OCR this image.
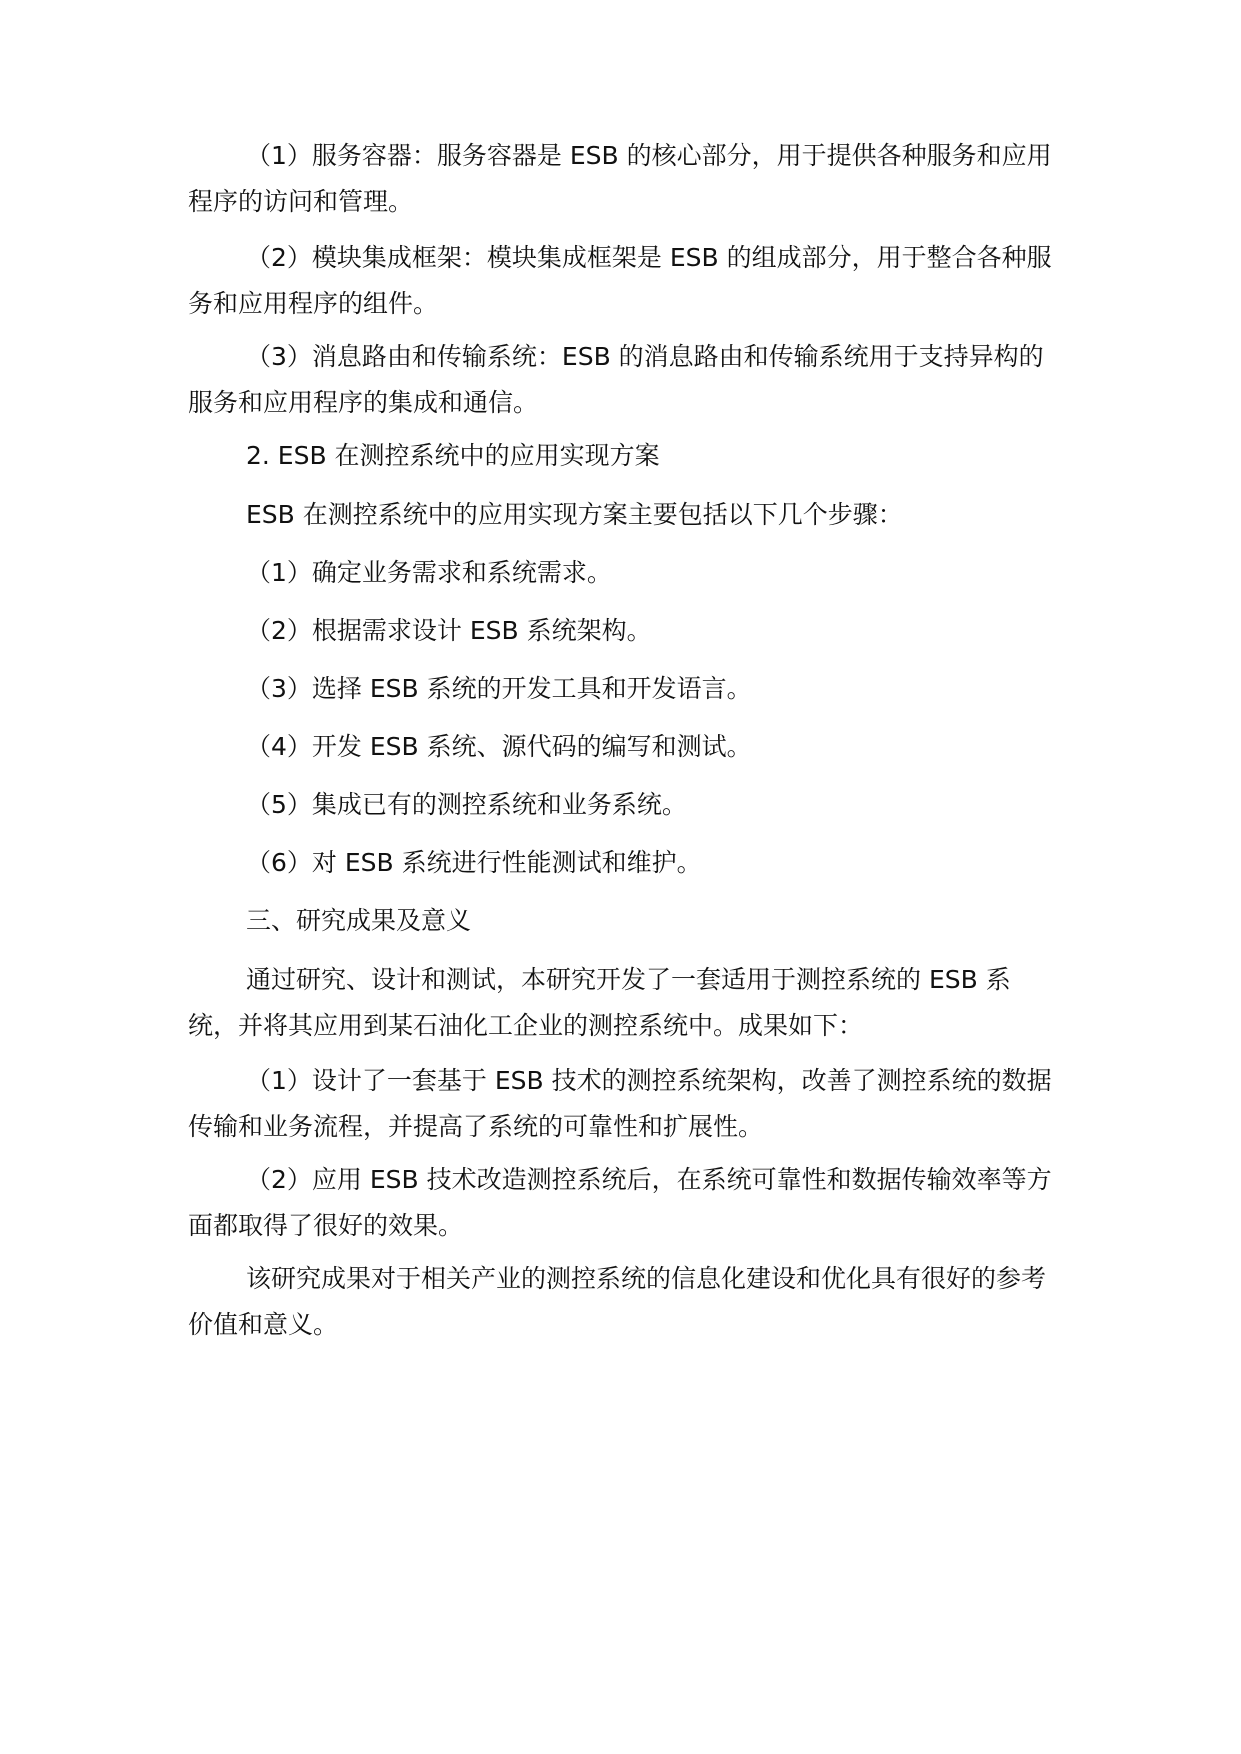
（1）服务容器：服务容器是 ESB 的核心部分，用于提供各种服务和应用程序的访问和管理。

（2）模块集成框架：模块集成框架是 ESB 的组成部分，用于整合各种服务和应用程序的组件。

（3）消息路由和传输系统：ESB 的消息路由和传输系统用于支持异构的服务和应用程序的集成和通信。

2. ESB 在测控系统中的应用实现方案

ESB 在测控系统中的应用实现方案主要包括以下几个步骤：

（1）确定业务需求和系统需求。

（2）根据需求设计 ESB 系统架构。

（3）选择 ESB 系统的开发工具和开发语言。

（4）开发 ESB 系统、源代码的编写和测试。

（5）集成已有的测控系统和业务系统。

（6）对 ESB 系统进行性能测试和维护。

三、研究成果及意义

通过研究、设计和测试，本研究开发了一套适用于测控系统的 ESB 系统，并将其应用到某石油化工企业的测控系统中。成果如下：

（1）设计了一套基于 ESB 技术的测控系统架构，改善了测控系统的数据传输和业务流程，并提高了系统的可靠性和扩展性。

（2）应用 ESB 技术改造测控系统后，在系统可靠性和数据传输效率等方面都取得了很好的效果。

该研究成果对于相关产业的测控系统的信息化建设和优化具有很好的参考价值和意义。
